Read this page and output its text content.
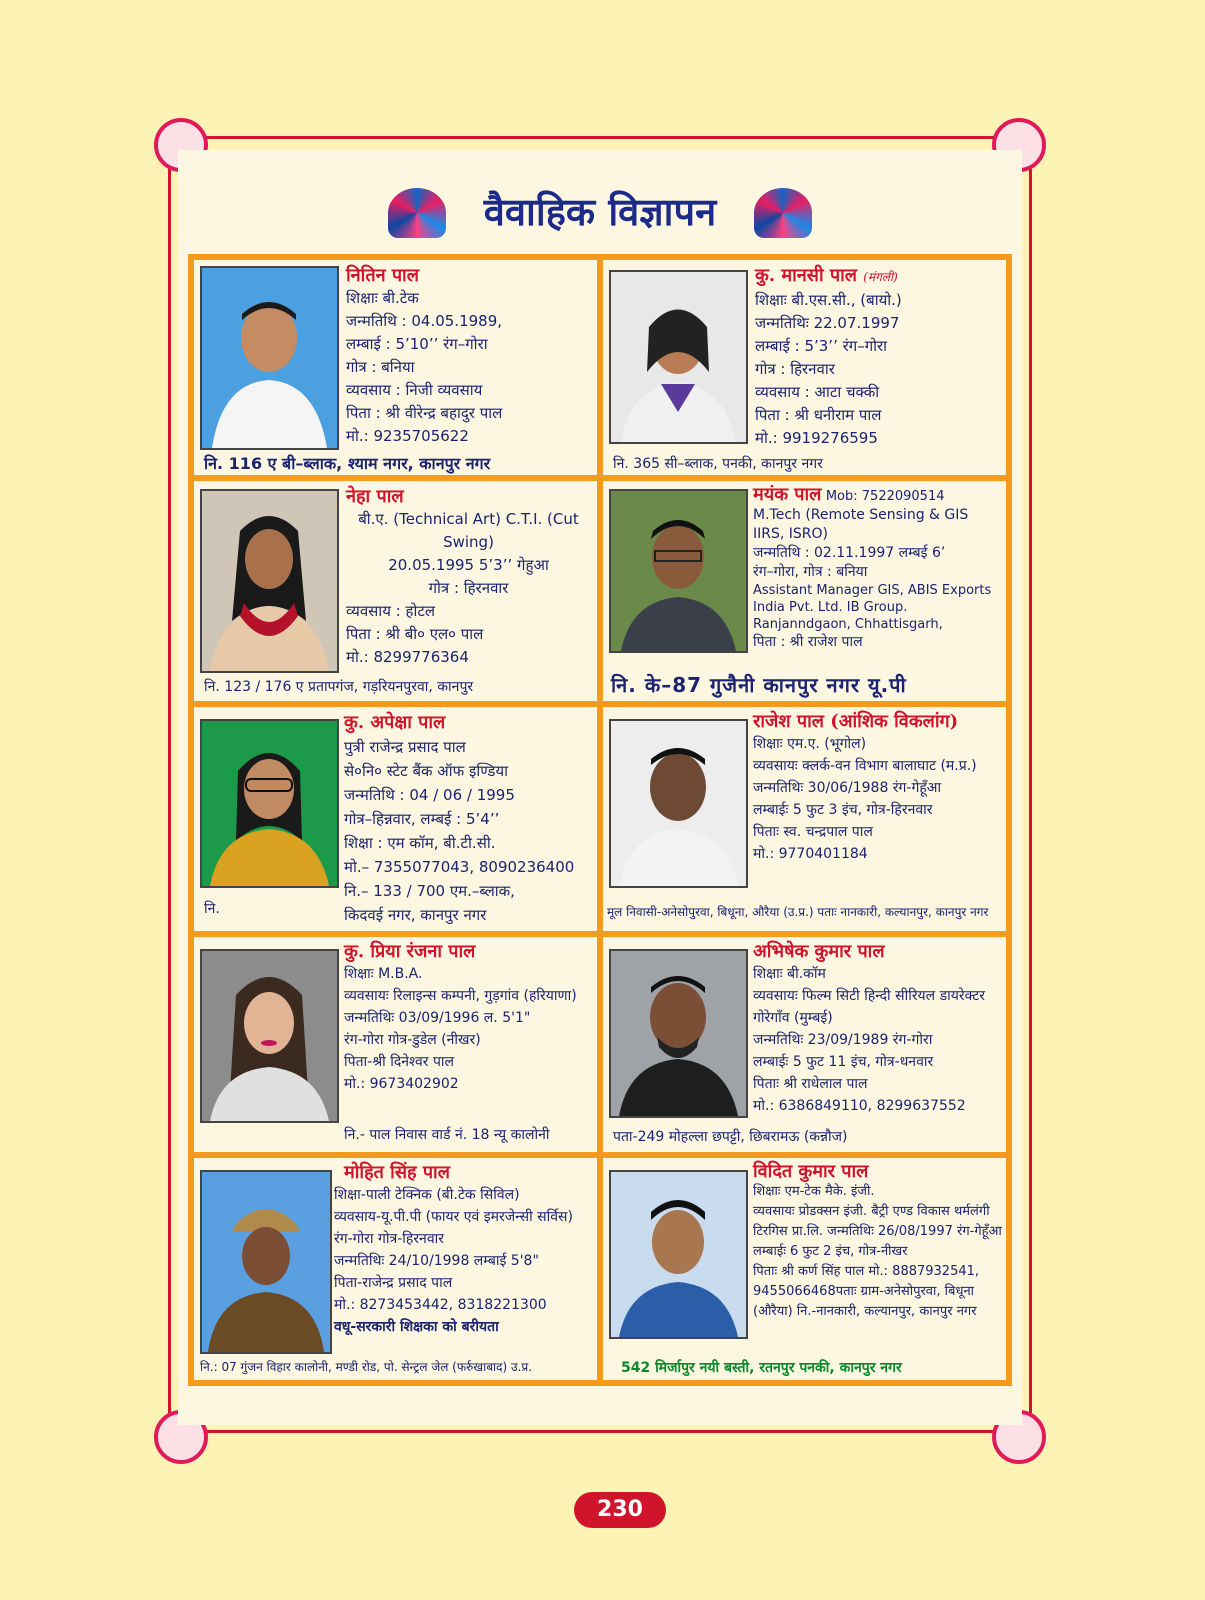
वैवाहिक विज्ञापन
नितिन पाल
शिक्षाः बी.टेक
जन्मतिथि : 04.05.1989,
लम्बाई : 5’10’’ रंग–गोरा
गोत्र : बनिया
व्यवसाय : निजी व्यवसाय
पिता : श्री वीरेन्द्र बहादुर पाल
मो.: 9235705622
नि. 116 ए बी–ब्लाक, श्याम नगर, कानपुर नगर
कु. मानसी पाल (मंगली)
शिक्षाः बी.एस.सी., (बायो.)
जन्मतिथिः 22.07.1997
लम्बाई : 5’3’’ रंग–गोरा
गोत्र : हिरनवार
व्यवसाय : आटा चक्की
पिता : श्री धनीराम पाल
मो.: 9919276595
नि. 365 सी–ब्लाक, पनकी, कानपुर नगर
नेहा पाल
बी.ए. (Technical Art) C.T.I. (Cut Swing)
20.05.1995 5’3’’ गेहुआ
गोत्र : हिरनवार
व्यवसाय : होटल
पिता : श्री बी० एल० पाल
मो.: 8299776364
नि. 123 / 176 ए प्रतापगंज, गड़रियनपुरवा, कानपुर
मयंक पाल Mob: 7522090514
M.Tech (Remote Sensing & GIS IIRS, ISRO)
जन्मतिथि : 02.11.1997 लम्बई 6’
रंग–गोरा, गोत्र : बनिया
Assistant Manager GIS, ABIS Exports India Pvt. Ltd. IB Group. Ranjanndgaon, Chhattisgarh,
पिता : श्री राजेश पाल
नि. के–87 गुजैनी कानपुर नगर यू.पी
कु. अपेक्षा पाल
पुत्री राजेन्द्र प्रसाद पाल
से०नि० स्टेट बैंक ऑफ इण्डिया
जन्मतिथि : 04 / 06 / 1995
गोत्र–हिन्नवार, लम्बई : 5’4’’
शिक्षा : एम कॉम, बी.टी.सी.
मो.– 7355077043, 8090236400
नि.– 133 / 700 एम.–ब्लाक,
किदवई नगर, कानपुर नगर
नि.
राजेश पाल (आंशिक विकलांग)
शिक्षाः एम.ए. (भूगोल)
व्यवसायः क्लर्क-वन विभाग बालाघाट (म.प्र.)
जन्मतिथिः 30/06/1988 रंग-गेहूँआ
लम्बाईः 5 फुट 3 इंच, गोत्र-हिरनवार
पिताः स्व. चन्द्रपाल पाल
मो.: 9770401184
मूल निवासी-अनेसोपुरवा, बिधूना, औरैया (उ.प्र.) पताः नानकारी, कल्यानपुर, कानपुर नगर
कु. प्रिया रंजना पाल
शिक्षाः M.B.A.
व्यवसायः रिलाइन्स कम्पनी, गुड़गांव (हरियाणा)
जन्मतिथिः 03/09/1996 ल. 5'1"
रंग-गोरा गोत्र-डुडेल (नीखर)
पिता-श्री दिनेश्वर पाल
मो.: 9673402902
नि.- पाल निवास वार्ड नं. 18 न्यू कालोनी
अभिषेक कुमार पाल
शिक्षाः बी.कॉम
व्यवसायः फिल्म सिटी हिन्दी सीरियल डायरेक्टर गोरेगाँव (मुम्बई)
जन्मतिथिः 23/09/1989 रंग-गोरा
लम्बाईः 5 फुट 11 इंच, गोत्र-धनवार
पिताः श्री राधेलाल पाल
मो.: 6386849110, 8299637552
पता-249 मोहल्ला छपट्टी, छिबरामऊ (कन्नौज)
मोहित सिंह पाल
शिक्षा-पाली टेक्निक (बी.टेक सिविल)
व्यवसाय-यू.पी.पी (फायर एवं इमरजेन्सी सर्विस) रंग-गोरा गोत्र-हिरनवार
जन्मतिथिः 24/10/1998 लम्बाई 5'8"
पिता-राजेन्द्र प्रसाद पाल
मो.: 8273453442, 8318221300
वधू-सरकारी शिक्षका को बरीयता
नि.: 07 गुंजन विहार कालोनी, मण्डी रोड, पो. सेन्ट्रल जेल (फर्रुखाबाद) उ.प्र.
विदित कुमार पाल
शिक्षाः एम-टेक मैके. इंजी.
व्यवसायः प्रोडक्सन इंजी. बैट्री एण्ड विकास थर्मलंगी टिरगिस प्रा.लि. जन्मतिथिः 26/08/1997 रंग-गेहूँआ
लम्बाईः 6 फुट 2 इंच, गोत्र-नीखर
पिताः श्री कर्ण सिंह पाल मो.: 8887932541, 9455066468पताः ग्राम-अनेसोपुरवा, बिधूना (औरैया) नि.-नानकारी, कल्यानपुर, कानपुर नगर
542 मिर्जापुर नयी बस्ती, रतनपुर पनकी, कानपुर नगर
230
